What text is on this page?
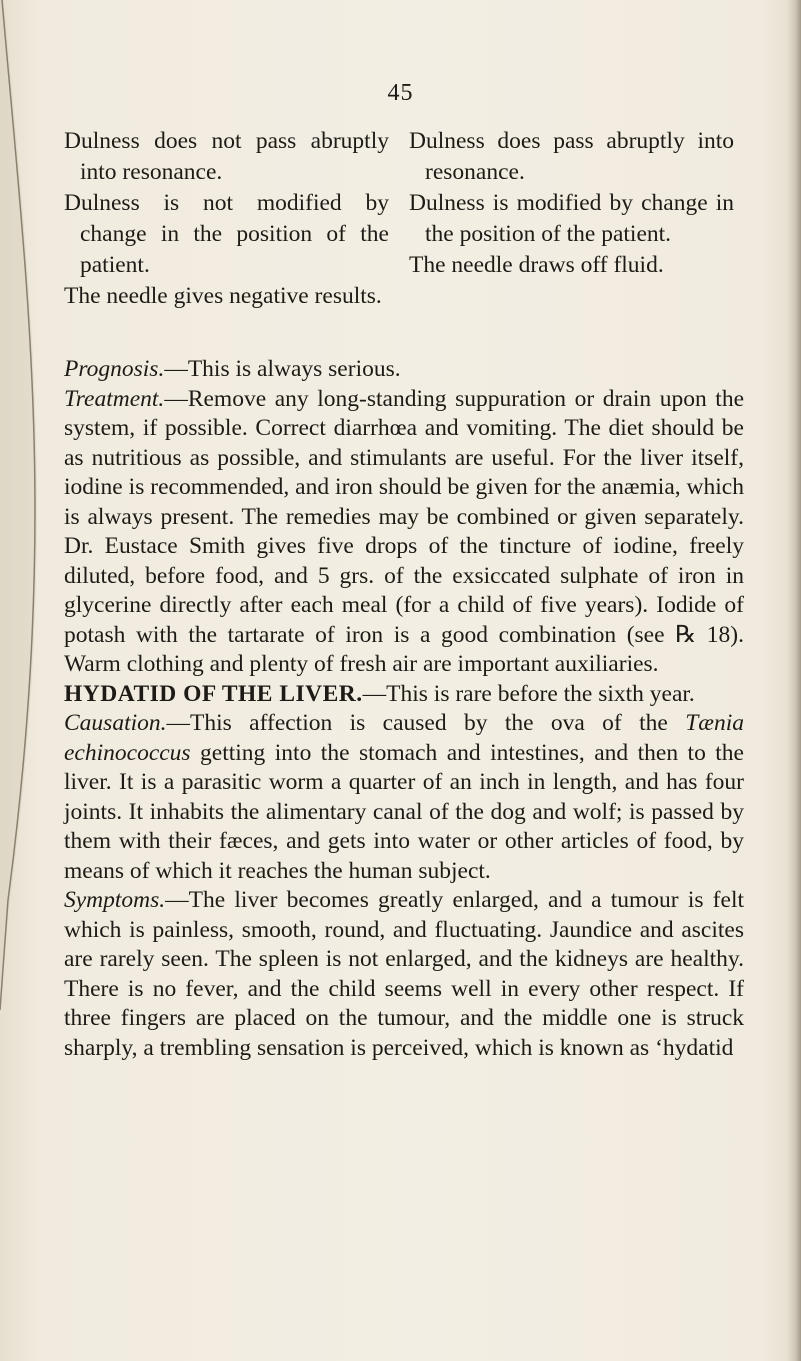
45

Dulness does not pass abruptly into resonance.

Dulness is not modified by change in the position of the patient.

The needle gives negative results.

Dulness does pass abruptly into resonance.

Dulness is modified by change in the position of the patient.

The needle draws off fluid.

Prognosis.—This is always serious.

Treatment.—Remove any long-standing suppuration or drain upon the system, if possible. Correct diarrhœa and vomiting. The diet should be as nutritious as possible, and stimulants are useful. For the liver itself, iodine is recommended, and iron should be given for the anæmia, which is always present. The remedies may be combined or given separately. Dr. Eustace Smith gives five drops of the tincture of iodine, freely diluted, before food, and 5 grs. of the exsiccated sulphate of iron in glycerine directly after each meal (for a child of five years). Iodide of potash with the tartarate of iron is a good combination (see ℞ 18). Warm clothing and plenty of fresh air are important auxiliaries.

HYDATID OF THE LIVER.—This is rare before the sixth year.

Causation.—This affection is caused by the ova of the Tænia echinococcus getting into the stomach and intestines, and then to the liver. It is a parasitic worm a quarter of an inch in length, and has four joints. It inhabits the alimentary canal of the dog and wolf; is passed by them with their fæces, and gets into water or other articles of food, by means of which it reaches the human subject.

Symptoms.—The liver becomes greatly enlarged, and a tumour is felt which is painless, smooth, round, and fluctuating. Jaundice and ascites are rarely seen. The spleen is not enlarged, and the kidneys are healthy. There is no fever, and the child seems well in every other respect. If three fingers are placed on the tumour, and the middle one is struck sharply, a trembling sensation is perceived, which is known as ‘hydatid
